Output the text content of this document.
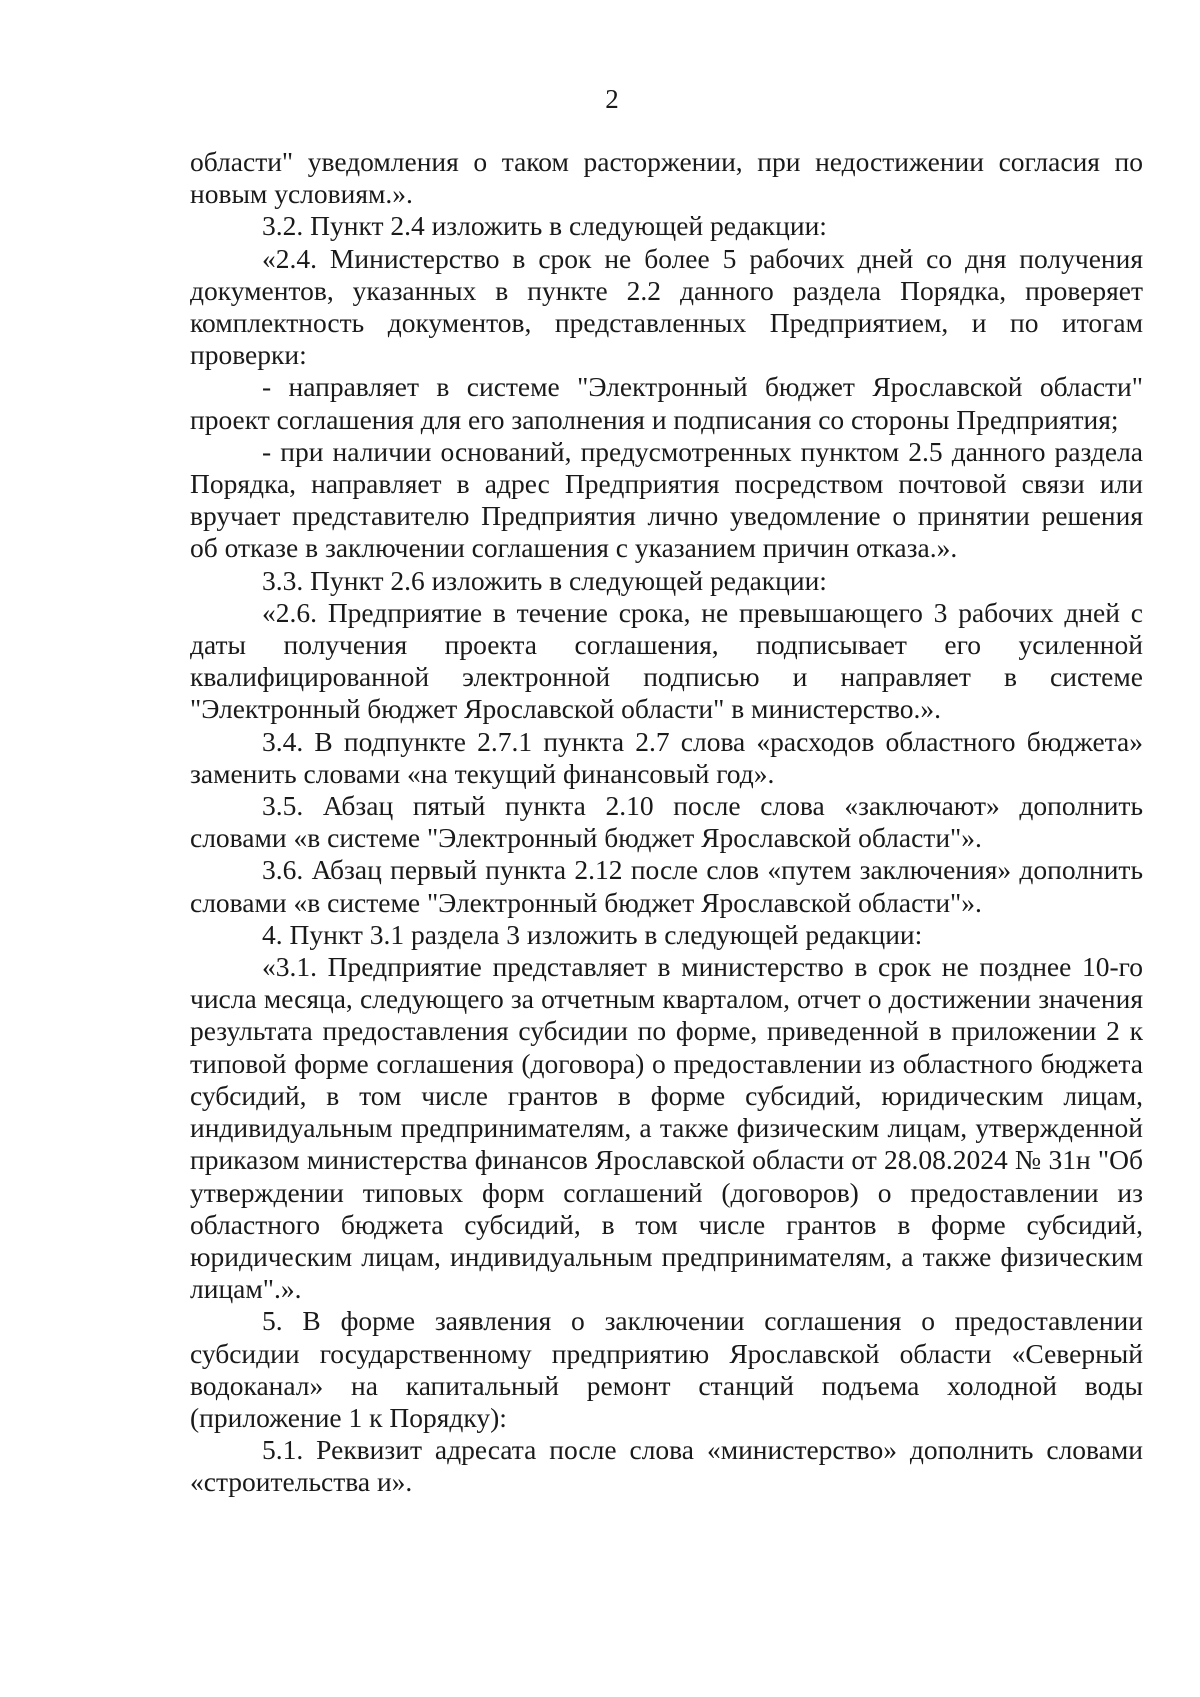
2

области" уведомления о таком расторжении, при недостижении согласия по новым условиям.».

3.2. Пункт 2.4 изложить в следующей редакции:

«2.4. Министерство в срок не более 5 рабочих дней со дня получения документов, указанных в пункте 2.2 данного раздела Порядка, проверяет комплектность документов, представленных Предприятием, и по итогам проверки:

- направляет в системе "Электронный бюджет Ярославской области" проект соглашения для его заполнения и подписания со стороны Предприятия;

- при наличии оснований, предусмотренных пунктом 2.5 данного раздела Порядка, направляет в адрес Предприятия посредством почтовой связи или вручает представителю Предприятия лично уведомление о принятии решения об отказе в заключении соглашения с указанием причин отказа.».

3.3. Пункт 2.6 изложить в следующей редакции:

«2.6. Предприятие в течение срока, не превышающего 3 рабочих дней с даты получения проекта соглашения, подписывает его усиленной квалифицированной электронной подписью и направляет в системе "Электронный бюджет Ярославской области" в министерство.».

3.4. В подпункте 2.7.1 пункта 2.7 слова «расходов областного бюджета» заменить словами «на текущий финансовый год».

3.5. Абзац пятый пункта 2.10 после слова «заключают» дополнить словами «в системе "Электронный бюджет Ярославской области"».

3.6. Абзац первый пункта 2.12 после слов «путем заключения» дополнить словами «в системе "Электронный бюджет Ярославской области"».

4. Пункт 3.1 раздела 3 изложить в следующей редакции:

«3.1. Предприятие представляет в министерство в срок не позднее 10-го числа месяца, следующего за отчетным кварталом, отчет о достижении значения результата предоставления субсидии по форме, приведенной в приложении 2 к типовой форме соглашения (договора) о предоставлении из областного бюджета субсидий, в том числе грантов в форме субсидий, юридическим лицам, индивидуальным предпринимателям, а также физическим лицам, утвержденной приказом министерства финансов Ярославской области от 28.08.2024 № 31н "Об утверждении типовых форм соглашений (договоров) о предоставлении из областного бюджета субсидий, в том числе грантов в форме субсидий, юридическим лицам, индивидуальным предпринимателям, а также физическим лицам".».

5. В форме заявления о заключении соглашения о предоставлении субсидии государственному предприятию Ярославской области «Северный водоканал» на капитальный ремонт станций подъема холодной воды (приложение 1 к Порядку):

5.1. Реквизит адресата после слова «министерство» дополнить словами «строительства и».
